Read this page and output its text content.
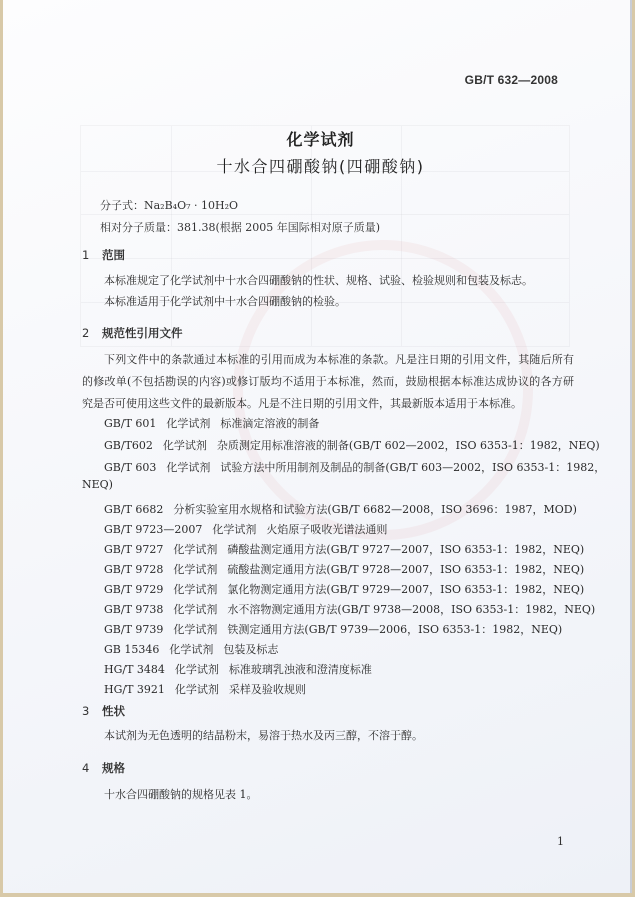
GB/T 632—2008
化学试剂
十水合四硼酸钠(四硼酸钠)
分子式：Na₂B₄O₇ · 10H₂O
相对分子质量：381.38(根据 2005 年国际相对原子质量)
1 范围
本标准规定了化学试剂中十水合四硼酸钠的性状、规格、试验、检验规则和包装及标志。
本标准适用于化学试剂中十水合四硼酸钠的检验。
2 规范性引用文件
下列文件中的条款通过本标准的引用而成为本标准的条款。凡是注日期的引用文件，其随后所有的修改单(不包括勘误的内容)或修订版均不适用于本标准，然而，鼓励根据本标准达成协议的各方研究是否可使用这些文件的最新版本。凡是不注日期的引用文件，其最新版本适用于本标准。
GB/T 601 化学试剂 标准滴定溶液的制备
GB/T602 化学试剂 杂质测定用标准溶液的制备(GB/T 602—2002，ISO 6353-1：1982，NEQ)
GB/T 603 化学试剂 试验方法中所用制剂及制品的制备(GB/T 603—2002，ISO 6353-1：1982，
NEQ)
GB/T 6682 分析实验室用水规格和试验方法(GB/T 6682—2008，ISO 3696：1987，MOD)
GB/T 9723—2007 化学试剂 火焰原子吸收光谱法通则
GB/T 9727 化学试剂 磷酸盐测定通用方法(GB/T 9727—2007，ISO 6353-1：1982，NEQ)
GB/T 9728 化学试剂 硫酸盐测定通用方法(GB/T 9728—2007，ISO 6353-1：1982，NEQ)
GB/T 9729 化学试剂 氯化物测定通用方法(GB/T 9729—2007，ISO 6353-1：1982，NEQ)
GB/T 9738 化学试剂 水不溶物测定通用方法(GB/T 9738—2008，ISO 6353-1：1982，NEQ)
GB/T 9739 化学试剂 铁测定通用方法(GB/T 9739—2006，ISO 6353-1：1982，NEQ)
GB 15346 化学试剂 包装及标志
HG/T 3484 化学试剂 标准玻璃乳浊液和澄清度标准
HG/T 3921 化学试剂 采样及验收规则
3 性状
本试剂为无色透明的结晶粉末，易溶于热水及丙三醇，不溶于醇。
4 规格
十水合四硼酸钠的规格见表 1。
1
